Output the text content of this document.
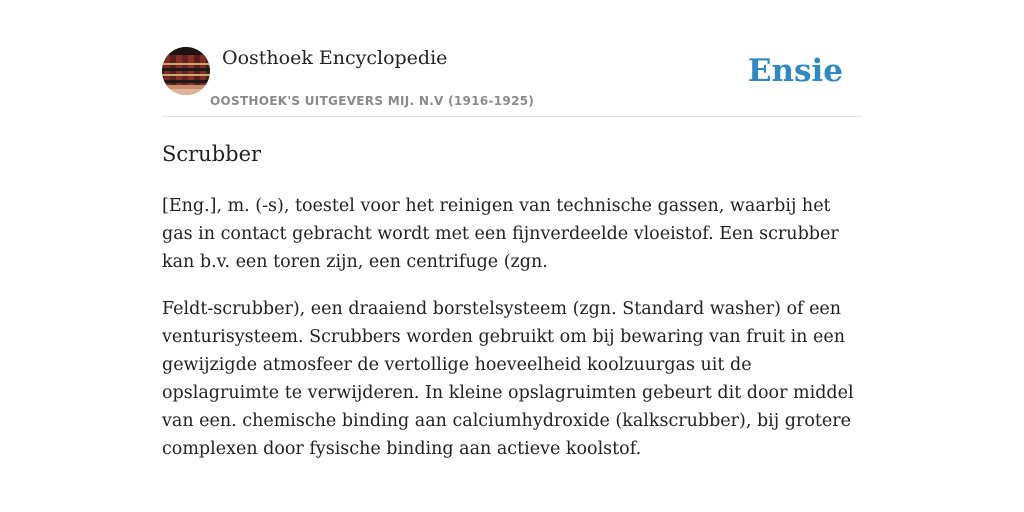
Oosthoek Encyclopedie
OOSTHOEK'S UITGEVERS MIJ. N.V (1916-1925)
Ensie
Scrubber

[Eng.], m. (-s), toestel voor het reinigen van technische gassen, waarbij het gas in contact gebracht wordt met een fijnverdeelde vloeistof. Een scrubber kan b.v. een toren zijn, een centrifuge (zgn.

Feldt-scrubber), een draaiend borstelsysteem (zgn. Standard washer) of een venturisysteem. Scrubbers worden gebruikt om bij bewaring van fruit in een gewijzigde atmosfeer de vertollige hoeveelheid koolzuurgas uit de opslagruimte te verwijderen. In kleine opslagruimten gebeurt dit door middel van een. chemische binding aan calciumhydroxide (kalkscrubber), bij grotere complexen door fysische binding aan actieve koolstof.
